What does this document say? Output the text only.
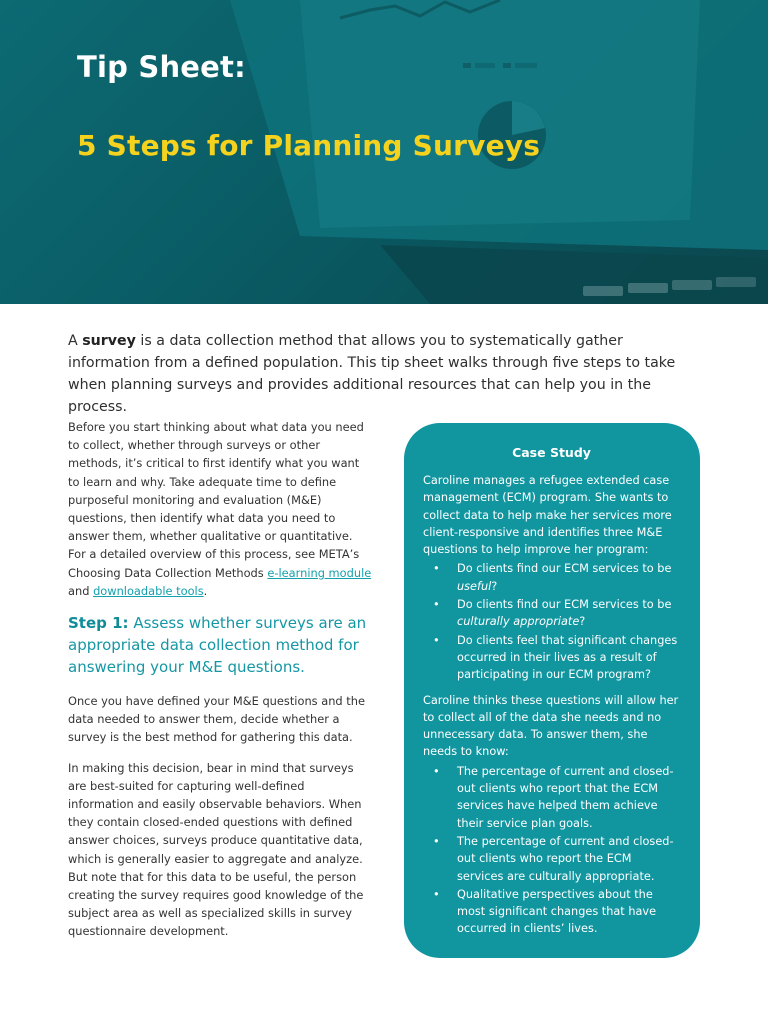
Tip Sheet:
5 Steps for Planning Surveys

A survey is a data collection method that allows you to systematically gather information from a defined population. This tip sheet walks through five steps to take when planning surveys and provides additional resources that can help you in the process.

Before you start thinking about what data you need to collect, whether through surveys or other methods, it’s critical to first identify what you want to learn and why. Take adequate time to define purposeful monitoring and evaluation (M&E) questions, then identify what data you need to answer them, whether qualitative or quantitative. For a detailed overview of this process, see META’s Choosing Data Collection Methods e-learning module and downloadable tools.

Step 1: Assess whether surveys are an appropriate data collection method for answering your M&E questions.

Once you have defined your M&E questions and the data needed to answer them, decide whether a survey is the best method for gathering this data.

In making this decision, bear in mind that surveys are best-suited for capturing well-defined information and easily observable behaviors. When they contain closed-ended questions with defined answer choices, surveys produce quantitative data, which is generally easier to aggregate and analyze. But note that for this data to be useful, the person creating the survey requires good knowledge of the subject area as well as specialized skills in survey questionnaire development.

Case Study

Caroline manages a refugee extended case management (ECM) program. She wants to collect data to help make her services more client-responsive and identifies three M&E questions to help improve her program:

• Do clients find our ECM services to be useful?
• Do clients find our ECM services to be culturally appropriate?
• Do clients feel that significant changes occurred in their lives as a result of participating in our ECM program?

Caroline thinks these questions will allow her to collect all of the data she needs and no unnecessary data. To answer them, she needs to know:

• The percentage of current and closed-out clients who report that the ECM services have helped them achieve their service plan goals.
• The percentage of current and closed-out clients who report the ECM services are culturally appropriate.
• Qualitative perspectives about the most significant changes that have occurred in clients’ lives.
